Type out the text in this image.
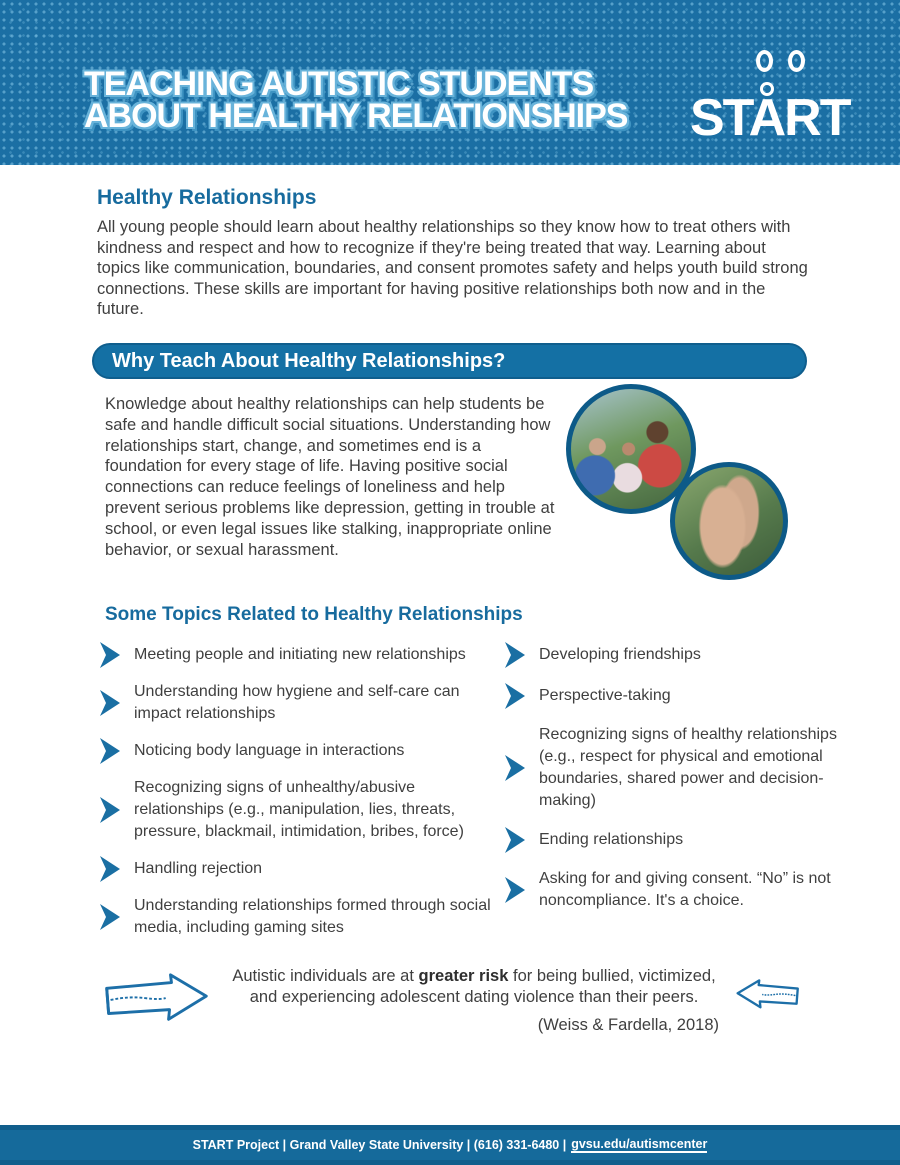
TEACHING AUTISTIC STUDENTS
ABOUT HEALTHY RELATIONSHIPS START
Healthy Relationships

All young people should learn about healthy relationships so they know how to treat others with kindness and respect and how to recognize if they're being treated that way. Learning about topics like communication, boundaries, and consent promotes safety and helps youth build strong connections. These skills are important for having positive relationships both now and in the future.

Why Teach About Healthy Relationships?

Knowledge about healthy relationships can help students be safe and handle difficult social situations. Understanding how relationships start, change, and sometimes end is a foundation for every stage of life. Having positive social connections can reduce feelings of loneliness and help prevent serious problems like depression, getting in trouble at school, or even legal issues like stalking, inappropriate online behavior, or sexual harassment.

Some Topics Related to Healthy Relationships
Meeting people and initiating new relationships
Understanding how hygiene and self-care can impact relationships
Noticing body language in interactions
Recognizing signs of unhealthy/abusive relationships (e.g., manipulation, lies, threats, pressure, blackmail, intimidation, bribes, force)
Handling rejection
Understanding relationships formed through social media, including gaming sites
Developing friendships
Perspective-taking
Recognizing signs of healthy relationships (e.g., respect for physical and emotional boundaries, shared power and decision-making)
Ending relationships
Asking for and giving consent. “No” is not noncompliance. It's a choice.

Autistic individuals are at greater risk for being bullied, victimized, and experiencing adolescent dating violence than their peers.

(Weiss & Fardella, 2018)

START Project | Grand Valley State University | (616) 331-6480 | gvsu.edu/autismcenter
